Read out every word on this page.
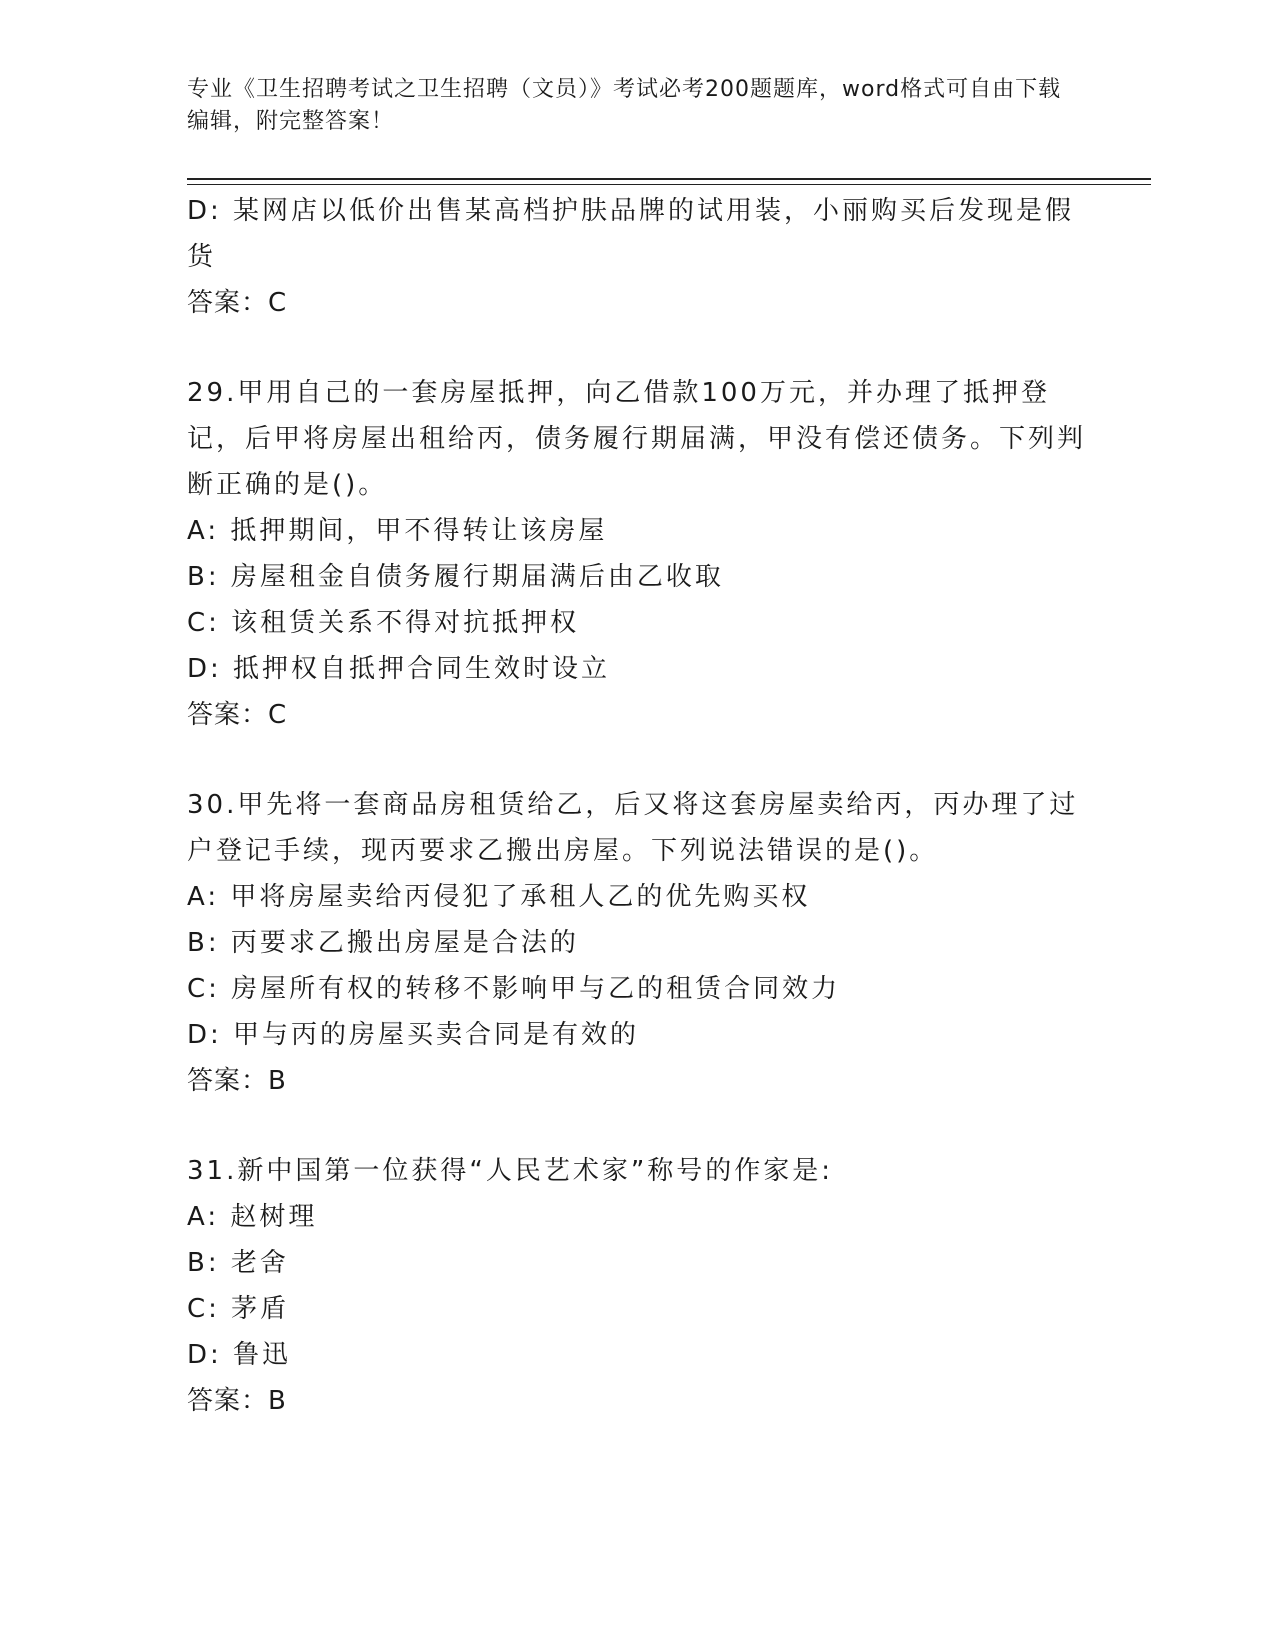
专业《卫生招聘考试之卫生招聘（文员）》考试必考200题题库，word格式可自由下载编辑，附完整答案！
D: 某网店以低价出售某高档护肤品牌的试用装，小丽购买后发现是假货
答案：C
29.甲用自己的一套房屋抵押，向乙借款100万元，并办理了抵押登记，后甲将房屋出租给丙，债务履行期届满，甲没有偿还债务。下列判断正确的是()。
A: 抵押期间，甲不得转让该房屋
B: 房屋租金自债务履行期届满后由乙收取
C: 该租赁关系不得对抗抵押权
D: 抵押权自抵押合同生效时设立
答案：C
30.甲先将一套商品房租赁给乙，后又将这套房屋卖给丙，丙办理了过户登记手续，现丙要求乙搬出房屋。下列说法错误的是()。
A: 甲将房屋卖给丙侵犯了承租人乙的优先购买权
B: 丙要求乙搬出房屋是合法的
C: 房屋所有权的转移不影响甲与乙的租赁合同效力
D: 甲与丙的房屋买卖合同是有效的
答案：B
31.新中国第一位获得“人民艺术家”称号的作家是:
A: 赵树理
B: 老舍
C: 茅盾
D: 鲁迅
答案：B
